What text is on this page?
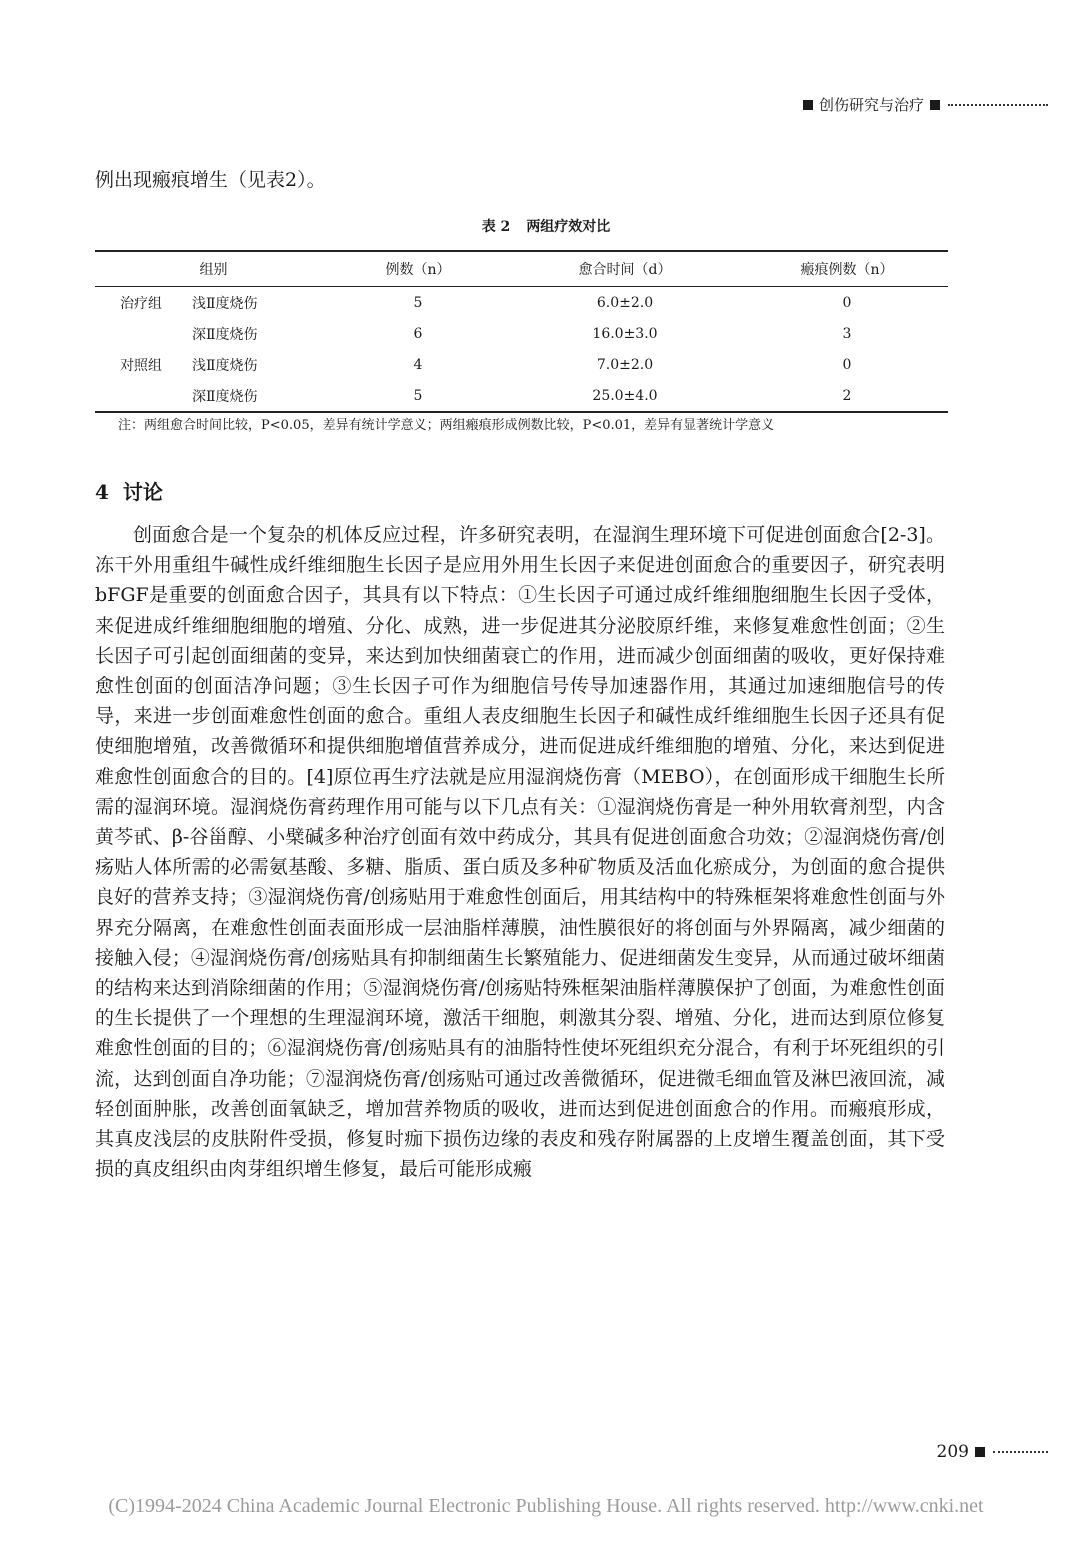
创伤研究与治疗
例出现瘢痕增生（见表2）。
表 2 两组疗效对比
组别	例数（n）	愈合时间（d）	瘢痕例数（n）
治疗组 浅Ⅱ度烧伤	5	6.0±2.0	0
深Ⅱ度烧伤	6	16.0±3.0	3
对照组 浅Ⅱ度烧伤	4	7.0±2.0	0
深Ⅱ度烧伤	5	25.0±4.0	2
注：两组愈合时间比较，P<0.05，差异有统计学意义；两组瘢痕形成例数比较，P<0.01，差异有显著统计学意义
4 讨论
创面愈合是一个复杂的机体反应过程，许多研究表明，在湿润生理环境下可促进创面愈合[2-3]。冻干外用重组牛碱性成纤维细胞生长因子是应用外用生长因子来促进创面愈合的重要因子，研究表明bFGF是重要的创面愈合因子，其具有以下特点：①生长因子可通过成纤维细胞细胞生长因子受体，来促进成纤维细胞细胞的增殖、分化、成熟，进一步促进其分泌胶原纤维，来修复难愈性创面；②生长因子可引起创面细菌的变异，来达到加快细菌衰亡的作用，进而减少创面细菌的吸收，更好保持难愈性创面的创面洁净问题；③生长因子可作为细胞信号传导加速器作用，其通过加速细胞信号的传导，来进一步创面难愈性创面的愈合。重组人表皮细胞生长因子和碱性成纤维细胞生长因子还具有促使细胞增殖，改善微循环和提供细胞增值营养成分，进而促进成纤维细胞的增殖、分化，来达到促进难愈性创面愈合的目的。[4]原位再生疗法就是应用湿润烧伤膏（MEBO），在创面形成干细胞生长所需的湿润环境。湿润烧伤膏药理作用可能与以下几点有关：①湿润烧伤膏是一种外用软膏剂型，内含黄芩甙、β-谷甾醇、小檗碱多种治疗创面有效中药成分，其具有促进创面愈合功效；②湿润烧伤膏/创疡贴人体所需的必需氨基酸、多糖、脂质、蛋白质及多种矿物质及活血化瘀成分，为创面的愈合提供良好的营养支持；③湿润烧伤膏/创疡贴用于难愈性创面后，用其结构中的特殊框架将难愈性创面与外界充分隔离，在难愈性创面表面形成一层油脂样薄膜，油性膜很好的将创面与外界隔离，减少细菌的接触入侵；④湿润烧伤膏/创疡贴具有抑制细菌生长繁殖能力、促进细菌发生变异，从而通过破坏细菌的结构来达到消除细菌的作用；⑤湿润烧伤膏/创疡贴特殊框架油脂样薄膜保护了创面，为难愈性创面的生长提供了一个理想的生理湿润环境，激活干细胞，刺激其分裂、增殖、分化，进而达到原位修复难愈性创面的目的；⑥湿润烧伤膏/创疡贴具有的油脂特性使坏死组织充分混合，有利于坏死组织的引流，达到创面自净功能；⑦湿润烧伤膏/创疡贴可通过改善微循环，促进微毛细血管及淋巴液回流，减轻创面肿胀，改善创面氧缺乏，增加营养物质的吸收，进而达到促进创面愈合的作用。而瘢痕形成，其真皮浅层的皮肤附件受损，修复时痂下损伤边缘的表皮和残存附属器的上皮增生覆盖创面，其下受损的真皮组织由肉芽组织增生修复，最后可能形成瘢
209
(C)1994-2024 China Academic Journal Electronic Publishing House. All rights reserved. http://www.cnki.net
